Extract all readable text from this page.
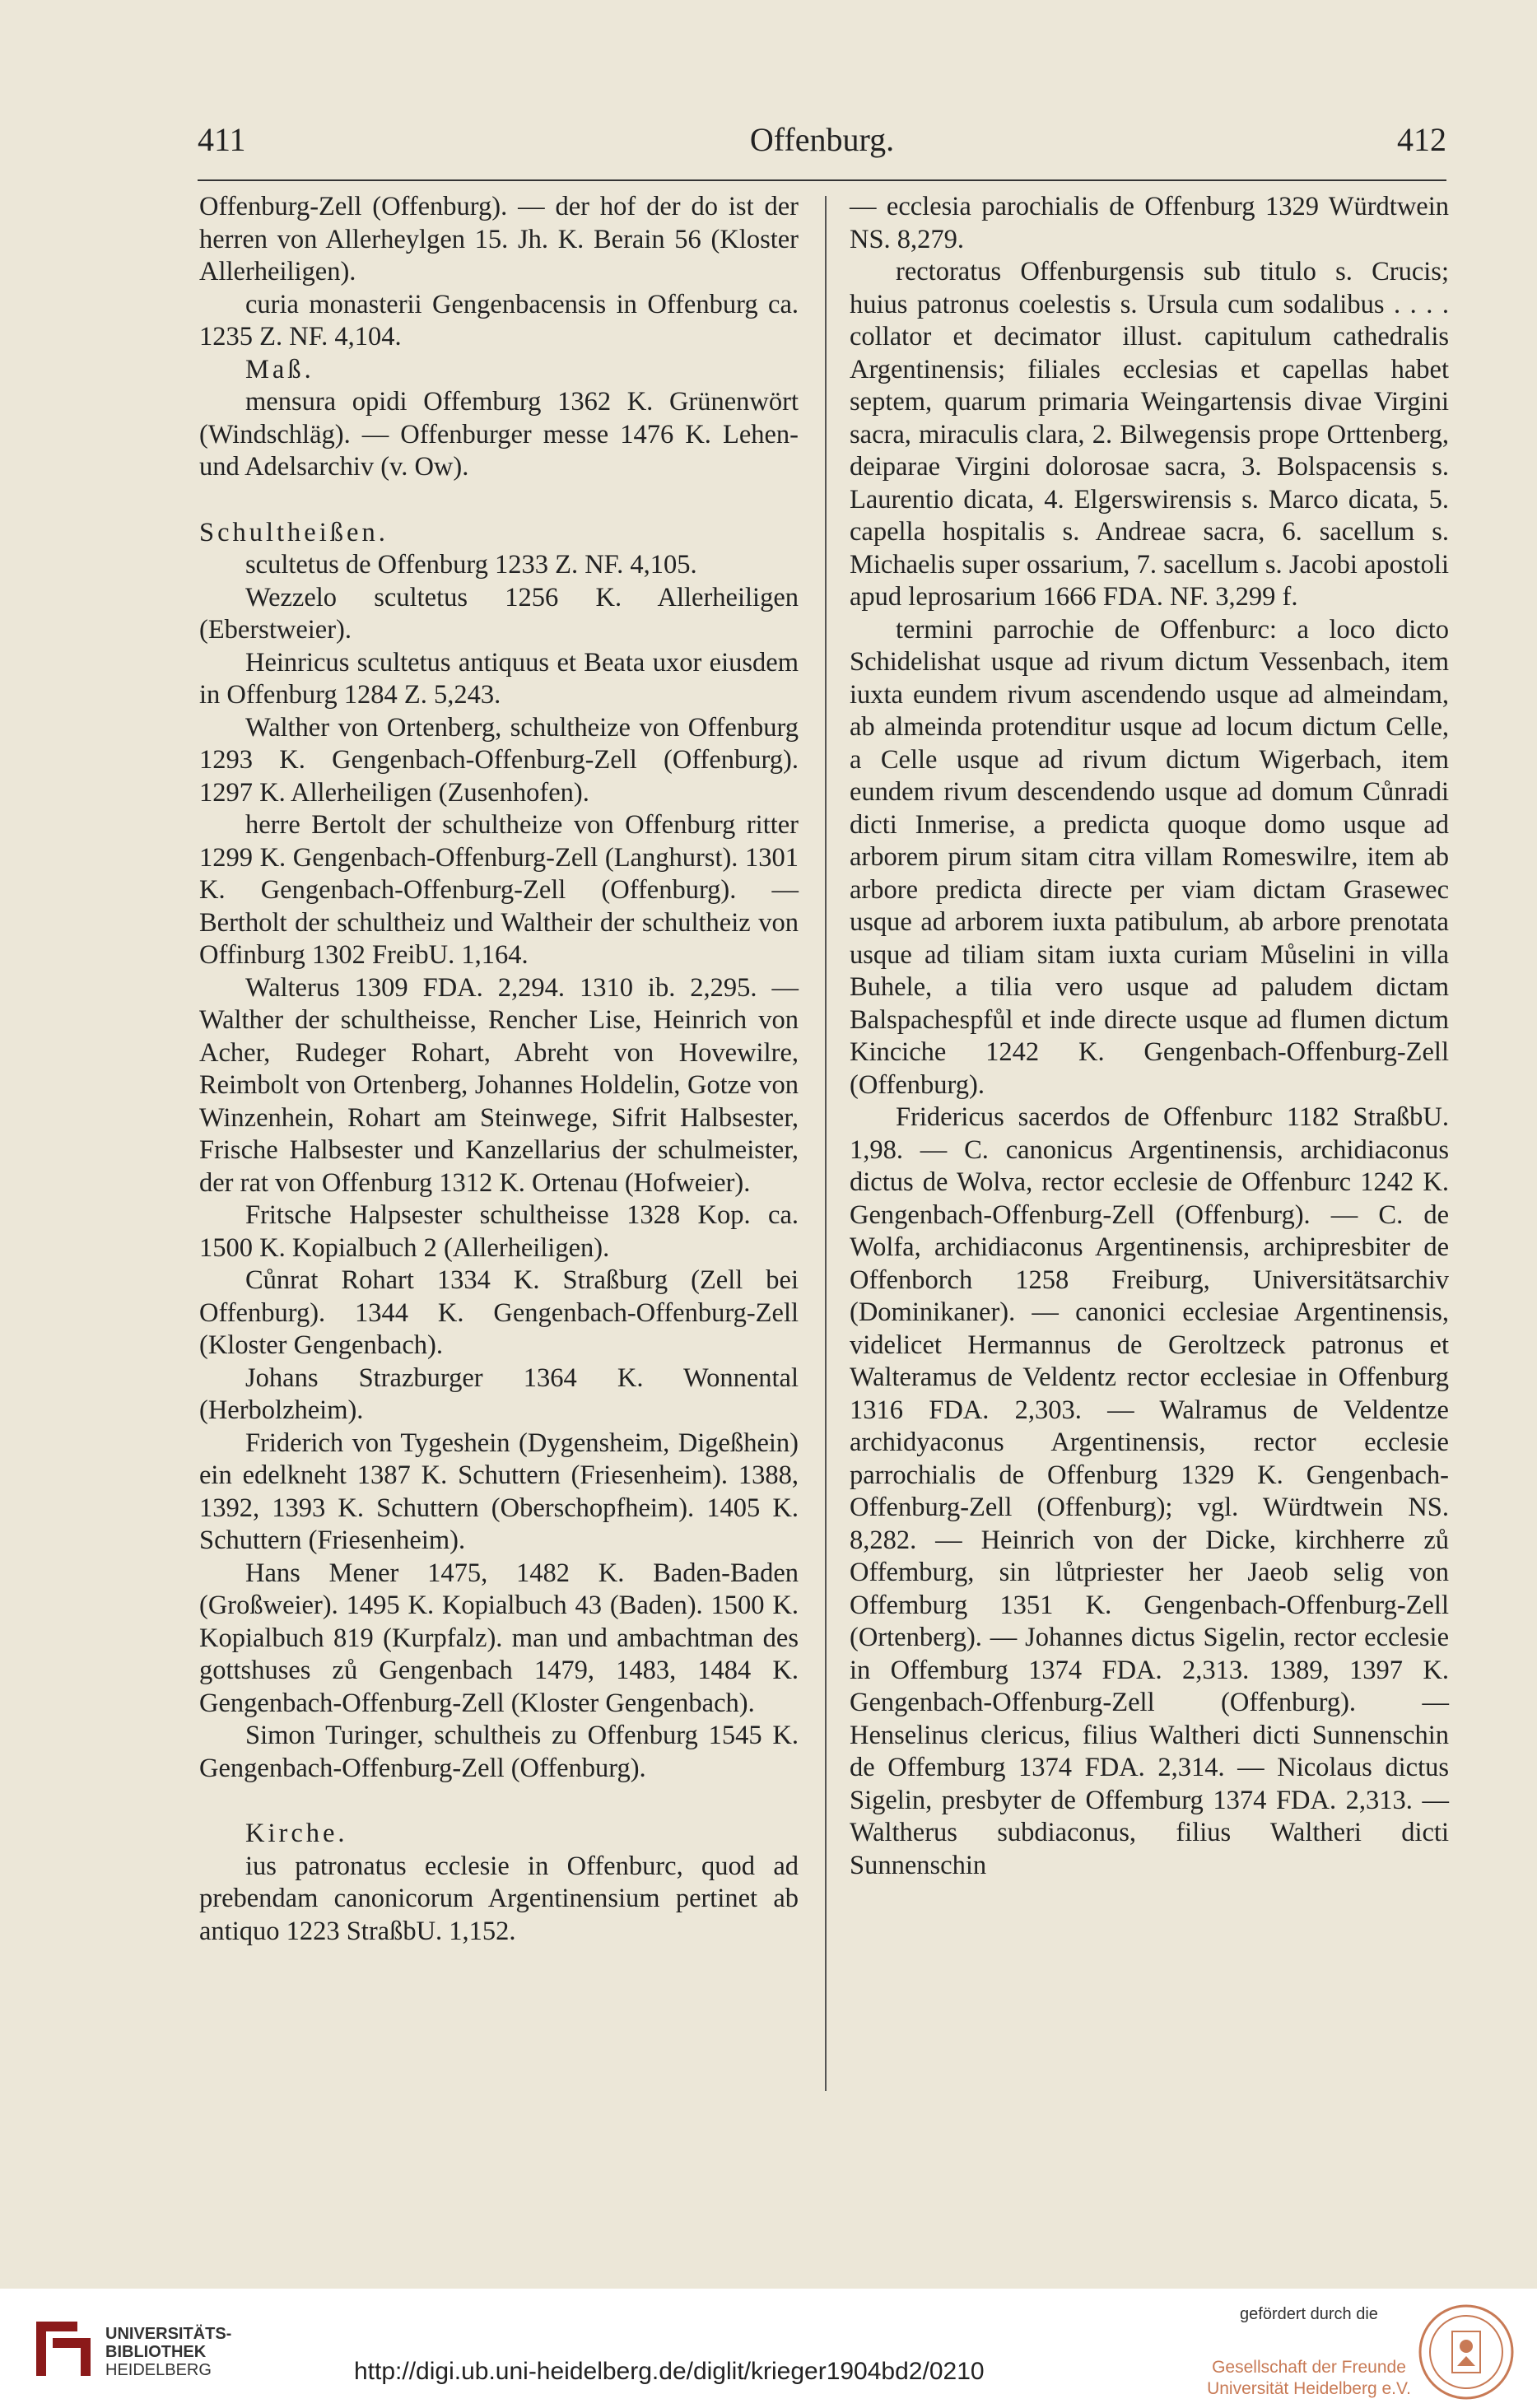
411	Offenburg.	412

Offenburg-Zell (Offenburg). — der hof der do ist der herren von Allerheylgen 15. Jh. K. Berain 56 (Kloster Allerheiligen).

curia monasterii Gengenbacensis in Offenburg ca. 1235 Z. NF. 4,104.

Maß.

mensura opidi Offemburg 1362 K. Grünenwört (Windschläg). — Offenburger messe 1476 K. Lehen- und Adelsarchiv (v. Ow).

Schultheißen.

scultetus de Offenburg 1233 Z. NF. 4,105.

Wezzelo scultetus 1256 K. Allerheiligen (Eberstweier).

Heinricus scultetus antiquus et Beata uxor eiusdem in Offenburg 1284 Z. 5,243.

Walther von Ortenberg, schultheize von Offenburg 1293 K. Gengenbach-Offenburg-Zell (Offenburg). 1297 K. Allerheiligen (Zusenhofen).

herre Bertolt der schultheize von Offenburg ritter 1299 K. Gengenbach-Offenburg-Zell (Langhurst). 1301 K. Gengenbach-Offenburg-Zell (Offenburg). — Bertholt der schultheiz und Waltheir der schultheiz von Offinburg 1302 FreibU. 1,164.

Walterus 1309 FDA. 2,294. 1310 ib. 2,295. — Walther der schultheisse, Rencher Lise, Heinrich von Acher, Rudeger Rohart, Abreht von Hovewilre, Reimbolt von Ortenberg, Johannes Holdelin, Gotze von Winzenhein, Rohart am Steinwege, Sifrit Halbsester, Frische Halbsester und Kanzellarius der schulmeister, der rat von Offenburg 1312 K. Ortenau (Hofweier).

Fritsche Halpsester schultheisse 1328 Kop. ca. 1500 K. Kopialbuch 2 (Allerheiligen).

Cůnrat Rohart 1334 K. Straßburg (Zell bei Offenburg). 1344 K. Gengenbach-Offenburg-Zell (Kloster Gengenbach).

Johans Strazburger 1364 K. Wonnental (Herbolzheim).

Friderich von Tygeshein (Dygensheim, Digeßhein) ein edelkneht 1387 K. Schuttern (Friesenheim). 1388, 1392, 1393 K. Schuttern (Oberschopfheim). 1405 K. Schuttern (Friesenheim).

Hans Mener 1475, 1482 K. Baden-Baden (Großweier). 1495 K. Kopialbuch 43 (Baden). 1500 K. Kopialbuch 819 (Kurpfalz). man und ambachtman des gottshuses zů Gengenbach 1479, 1483, 1484 K. Gengenbach-Offenburg-Zell (Kloster Gengenbach).

Simon Turinger, schultheis zu Offenburg 1545 K. Gengenbach-Offenburg-Zell (Offenburg).

Kirche.

ius patronatus ecclesie in Offenburc, quod ad prebendam canonicorum Argentinensium pertinet ab antiquo 1223 StraßbU. 1,152.

— ecclesia parochialis de Offenburg 1329 Würdtwein NS. 8,279.

rectoratus Offenburgensis sub titulo s. Crucis; huius patronus coelestis s. Ursula cum sodalibus . . . . collator et decimator illust. capitulum cathedralis Argentinensis; filiales ecclesias et capellas habet septem, quarum primaria Weingartensis divae Virgini sacra, miraculis clara, 2. Bilwegensis prope Orttenberg, deiparae Virgini dolorosae sacra, 3. Bolspacensis s. Laurentio dicata, 4. Elgerswirensis s. Marco dicata, 5. capella hospitalis s. Andreae sacra, 6. sacellum s. Michaelis super ossarium, 7. sacellum s. Jacobi apostoli apud leprosarium 1666 FDA. NF. 3,299 f.

termini parrochie de Offenburc: a loco dicto Schidelishat usque ad rivum dictum Vessenbach, item iuxta eundem rivum ascendendo usque ad almeindam, ab almeinda protenditur usque ad locum dictum Celle, a Celle usque ad rivum dictum Wigerbach, item eundem rivum descendendo usque ad domum Cůnradi dicti Inmerise, a predicta quoque domo usque ad arborem pirum sitam citra villam Romeswilre, item ab arbore predicta directe per viam dictam Grasewec usque ad arborem iuxta patibulum, ab arbore prenotata usque ad tiliam sitam iuxta curiam Můselini in villa Buhele, a tilia vero usque ad paludem dictam Balspachespfůl et inde directe usque ad flumen dictum Kinciche 1242 K. Gengenbach-Offenburg-Zell (Offenburg).

Fridericus sacerdos de Offenburc 1182 StraßbU. 1,98. — C. canonicus Argentinensis, archidiaconus dictus de Wolva, rector ecclesie de Offenburc 1242 K. Gengenbach-Offenburg-Zell (Offenburg). — C. de Wolfa, archidiaconus Argentinensis, archipresbiter de Offenborch 1258 Freiburg, Universitätsarchiv (Dominikaner). — canonici ecclesiae Argentinensis, videlicet Hermannus de Geroltzeck patronus et Walteramus de Veldentz rector ecclesiae in Offenburg 1316 FDA. 2,303. — Walramus de Veldentze archidyaconus Argentinensis, rector ecclesie parrochialis de Offenburg 1329 K. Gengenbach-Offenburg-Zell (Offenburg); vgl. Würdtwein NS. 8,282. — Heinrich von der Dicke, kirchherre zů Offemburg, sin lůtpriester her Jaeob selig von Offemburg 1351 K. Gengenbach-Offenburg-Zell (Ortenberg). — Johannes dictus Sigelin, rector ecclesie in Offemburg 1374 FDA. 2,313. 1389, 1397 K. Gengenbach-Offenburg-Zell (Offenburg). — Henselinus clericus, filius Waltheri dicti Sunnenschin de Offemburg 1374 FDA. 2,314. — Nicolaus dictus Sigelin, presbyter de Offemburg 1374 FDA. 2,313. — Waltherus subdiaconus, filius Waltheri dicti Sunnenschin

UNIVERSITÄTS-
BIBLIOTHEK
HEIDELBERG	http://digi.ub.uni-heidelberg.de/diglit/krieger1904bd2/0210
gefördert durch die
Gesellschaft der Freunde
Universität Heidelberg e.V.
